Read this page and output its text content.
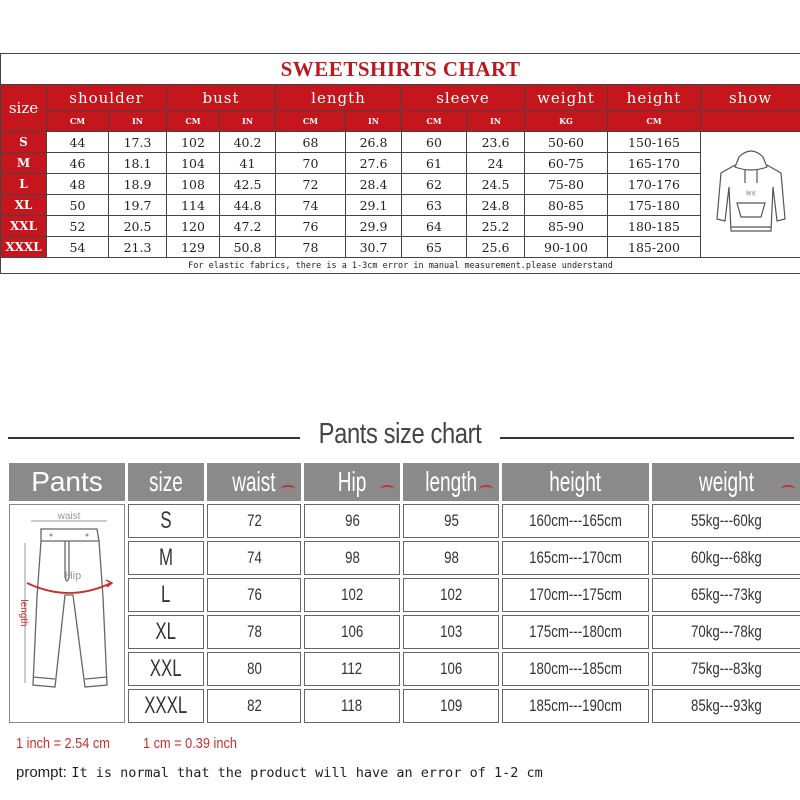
SWEETSHIRTS CHART											
size	shoulder		bust		length		sleeve		weight	height	show
	CM	IN	CM	IN	CM	IN	CM	IN	KG	CM	
S	44	17.3	102	40.2	68	26.8	60	23.6	50-60	150-165	胸宽

M	46	18.1	104	41	70	27.6	61	24	60-75	165-170	
L	48	18.9	108	42.5	72	28.4	62	24.5	75-80	170-176	
XL	50	19.7	114	44.8	74	29.1	63	24.8	80-85	175-180	
XXL	52	20.5	120	47.2	76	29.9	64	25.2	85-90	180-185	
XXXL	54	21.3	129	50.8	78	30.7	65	25.6	90-100	185-200	
For elastic fabrics, there is a 1-3cm error in manual measurement.please understand											
Pants size chart
Pants	size	waist	Hip	length	height	weight

waist
Hip
length	S	72	96	95	160cm---165cm	55kg---60kg
	M	74	98	98	165cm---170cm	60kg---68kg
	L	76	102	102	170cm---175cm	65kg---73kg
	XL	78	106	103	175cm---180cm	70kg---78kg
	XXL	80	112	106	180cm---185cm	75kg---83kg
	XXXL	82	118	109	185cm---190cm	85kg---93kg
1 inch = 2.54 cm 1 cm = 0.39 inch
prompt: It is normal that the product will have an error of 1-2 cm
